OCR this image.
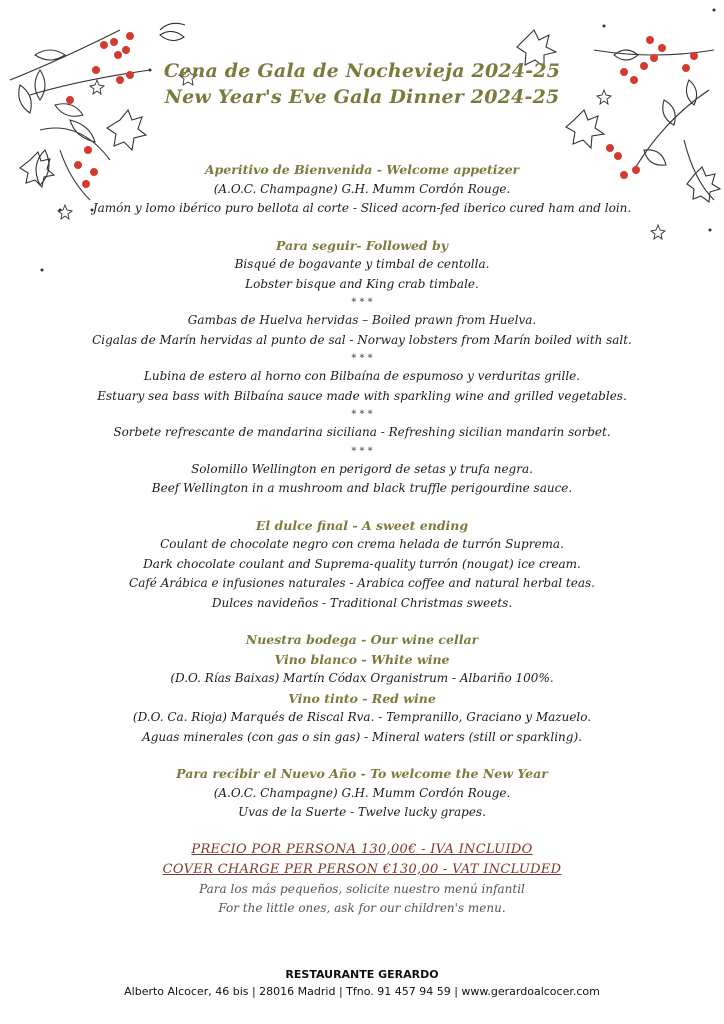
Cena de Gala de Nochevieja 2024-25
New Year's Eve Gala Dinner 2024-25
Aperitivo de Bienvenida - Welcome appetizer
(A.O.C. Champagne) G.H. Mumm Cordón Rouge.
Jamón y lomo ibérico puro bellota al corte - Sliced acorn-fed iberico cured ham and loin.
Para seguir- Followed by
Bisqué de bogavante y timbal de centolla.
Lobster bisque and King crab timbale.
* * *
Gambas de Huelva hervidas – Boiled prawn from Huelva.
Cigalas de Marín hervidas al punto de sal - Norway lobsters from Marín boiled with salt.
* * *
Lubina de estero al horno con Bilbaína de espumoso y verduritas grille.
Estuary sea bass with Bilbaína sauce made with sparkling wine and grilled vegetables.
* * *
Sorbete refrescante de mandarina siciliana - Refreshing sicilian mandarin sorbet.
* * *
Solomillo Wellington en perigord de setas y trufa negra.
Beef Wellington in a mushroom and black truffle perigourdine sauce.
El dulce final - A sweet ending
Coulant de chocolate negro con crema helada de turrón Suprema.
Dark chocolate coulant and Suprema-quality turrón (nougat) ice cream.
Café Arábica e infusiones naturales - Arabica coffee and natural herbal teas.
Dulces navideños - Traditional Christmas sweets.
Nuestra bodega - Our wine cellar
Vino blanco - White wine
(D.O. Rías Baixas) Martín Códax Organistrum - Albariño 100%.
Vino tinto - Red wine
(D.O. Ca. Rioja) Marqués de Riscal Rva. - Tempranillo, Graciano y Mazuelo.
Aguas minerales (con gas o sin gas) - Mineral waters (still or sparkling).
Para recibir el Nuevo Año - To welcome the New Year
(A.O.C. Champagne) G.H. Mumm Cordón Rouge.
Uvas de la Suerte - Twelve lucky grapes.
PRECIO POR PERSONA 130,00€ - IVA INCLUIDO
COVER CHARGE PER PERSON €130,00 - VAT INCLUDED
Para los más pequeños, solicite nuestro menú infantil
For the little ones, ask for our children's menu.
RESTAURANTE GERARDO
Alberto Alcocer, 46 bis | 28016 Madrid | Tfno. 91 457 94 59 | www.gerardoalcocer.com
